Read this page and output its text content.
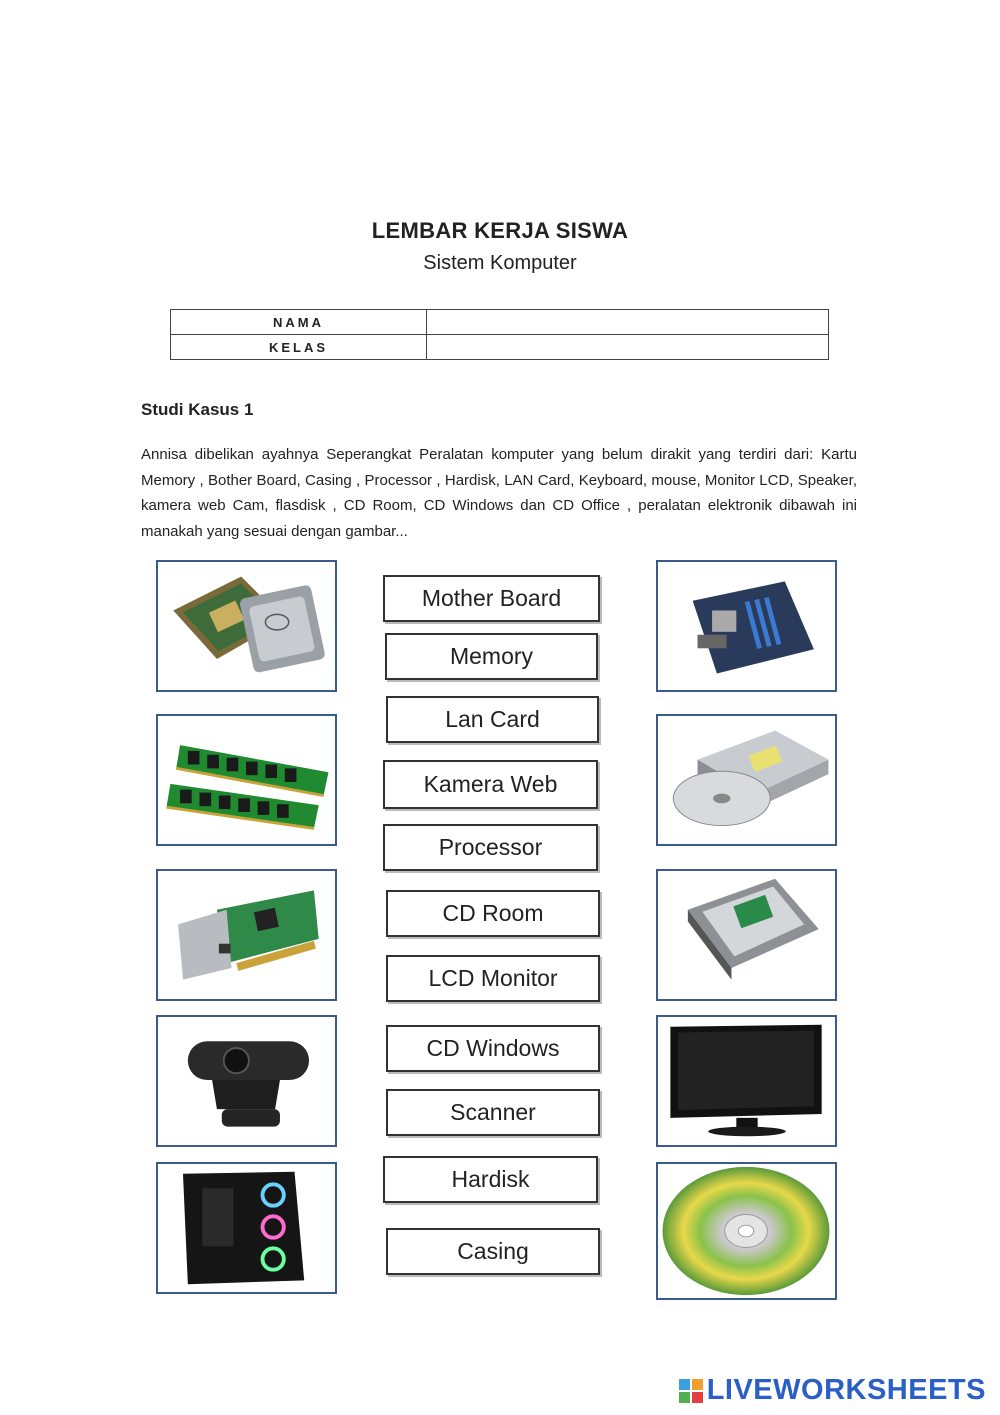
LEMBAR KERJA SISWA
Sistem Komputer
NAMA	
KELAS	
Studi Kasus 1
Annisa dibelikan ayahnya Seperangkat Peralatan komputer yang belum dirakit yang terdiri dari: Kartu Memory , Bother Board, Casing , Processor , Hardisk, LAN Card, Keyboard, mouse, Monitor LCD, Speaker, kamera web Cam, flasdisk , CD Room, CD Windows dan CD Office , peralatan elektronik dibawah ini manakah yang sesuai dengan gambar...
Mother Board
Memory
Lan Card
Kamera Web
Processor
CD Room
LCD Monitor
CD Windows
Scanner
Hardisk
Casing
LIVEWORKSHEETS
